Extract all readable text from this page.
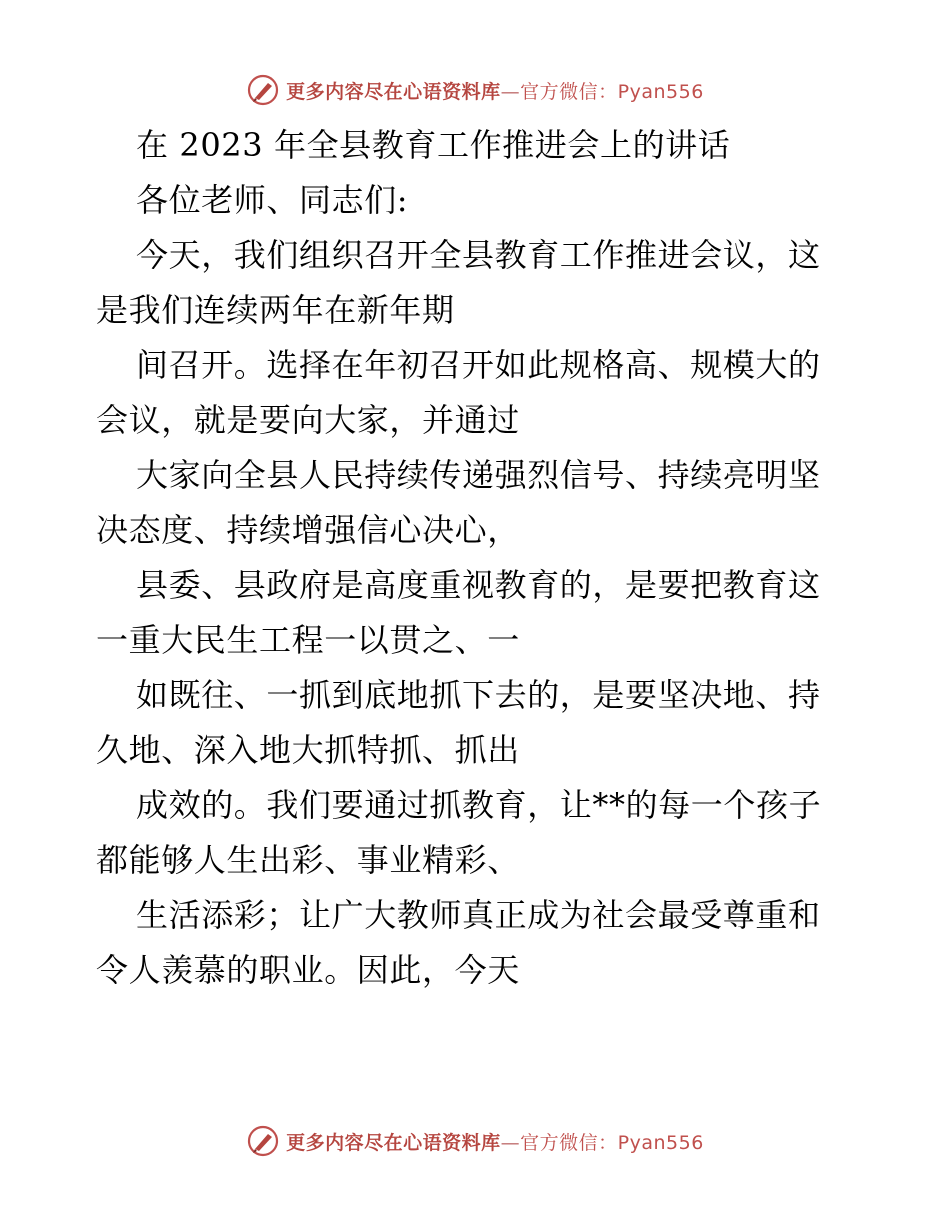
更多内容尽在心语资料库—官方微信：Pyan556
在 2023 年全县教育工作推进会上的讲话
各位老师、同志们:
今天，我们组织召开全县教育工作推进会议，这
是我们连续两年在新年期
间召开。选择在年初召开如此规格高、规模大的
会议，就是要向大家，并通过
大家向全县人民持续传递强烈信号、持续亮明坚
决态度、持续增强信心决心，
县委、县政府是高度重视教育的，是要把教育这
一重大民生工程一以贯之、一
如既往、一抓到底地抓下去的，是要坚决地、持
久地、深入地大抓特抓、抓出
成效的。我们要通过抓教育，让**的每一个孩子
都能够人生出彩、事业精彩、
生活添彩；让广大教师真正成为社会最受尊重和
令人羡慕的职业。因此，今天
更多内容尽在心语资料库—官方微信：Pyan556
